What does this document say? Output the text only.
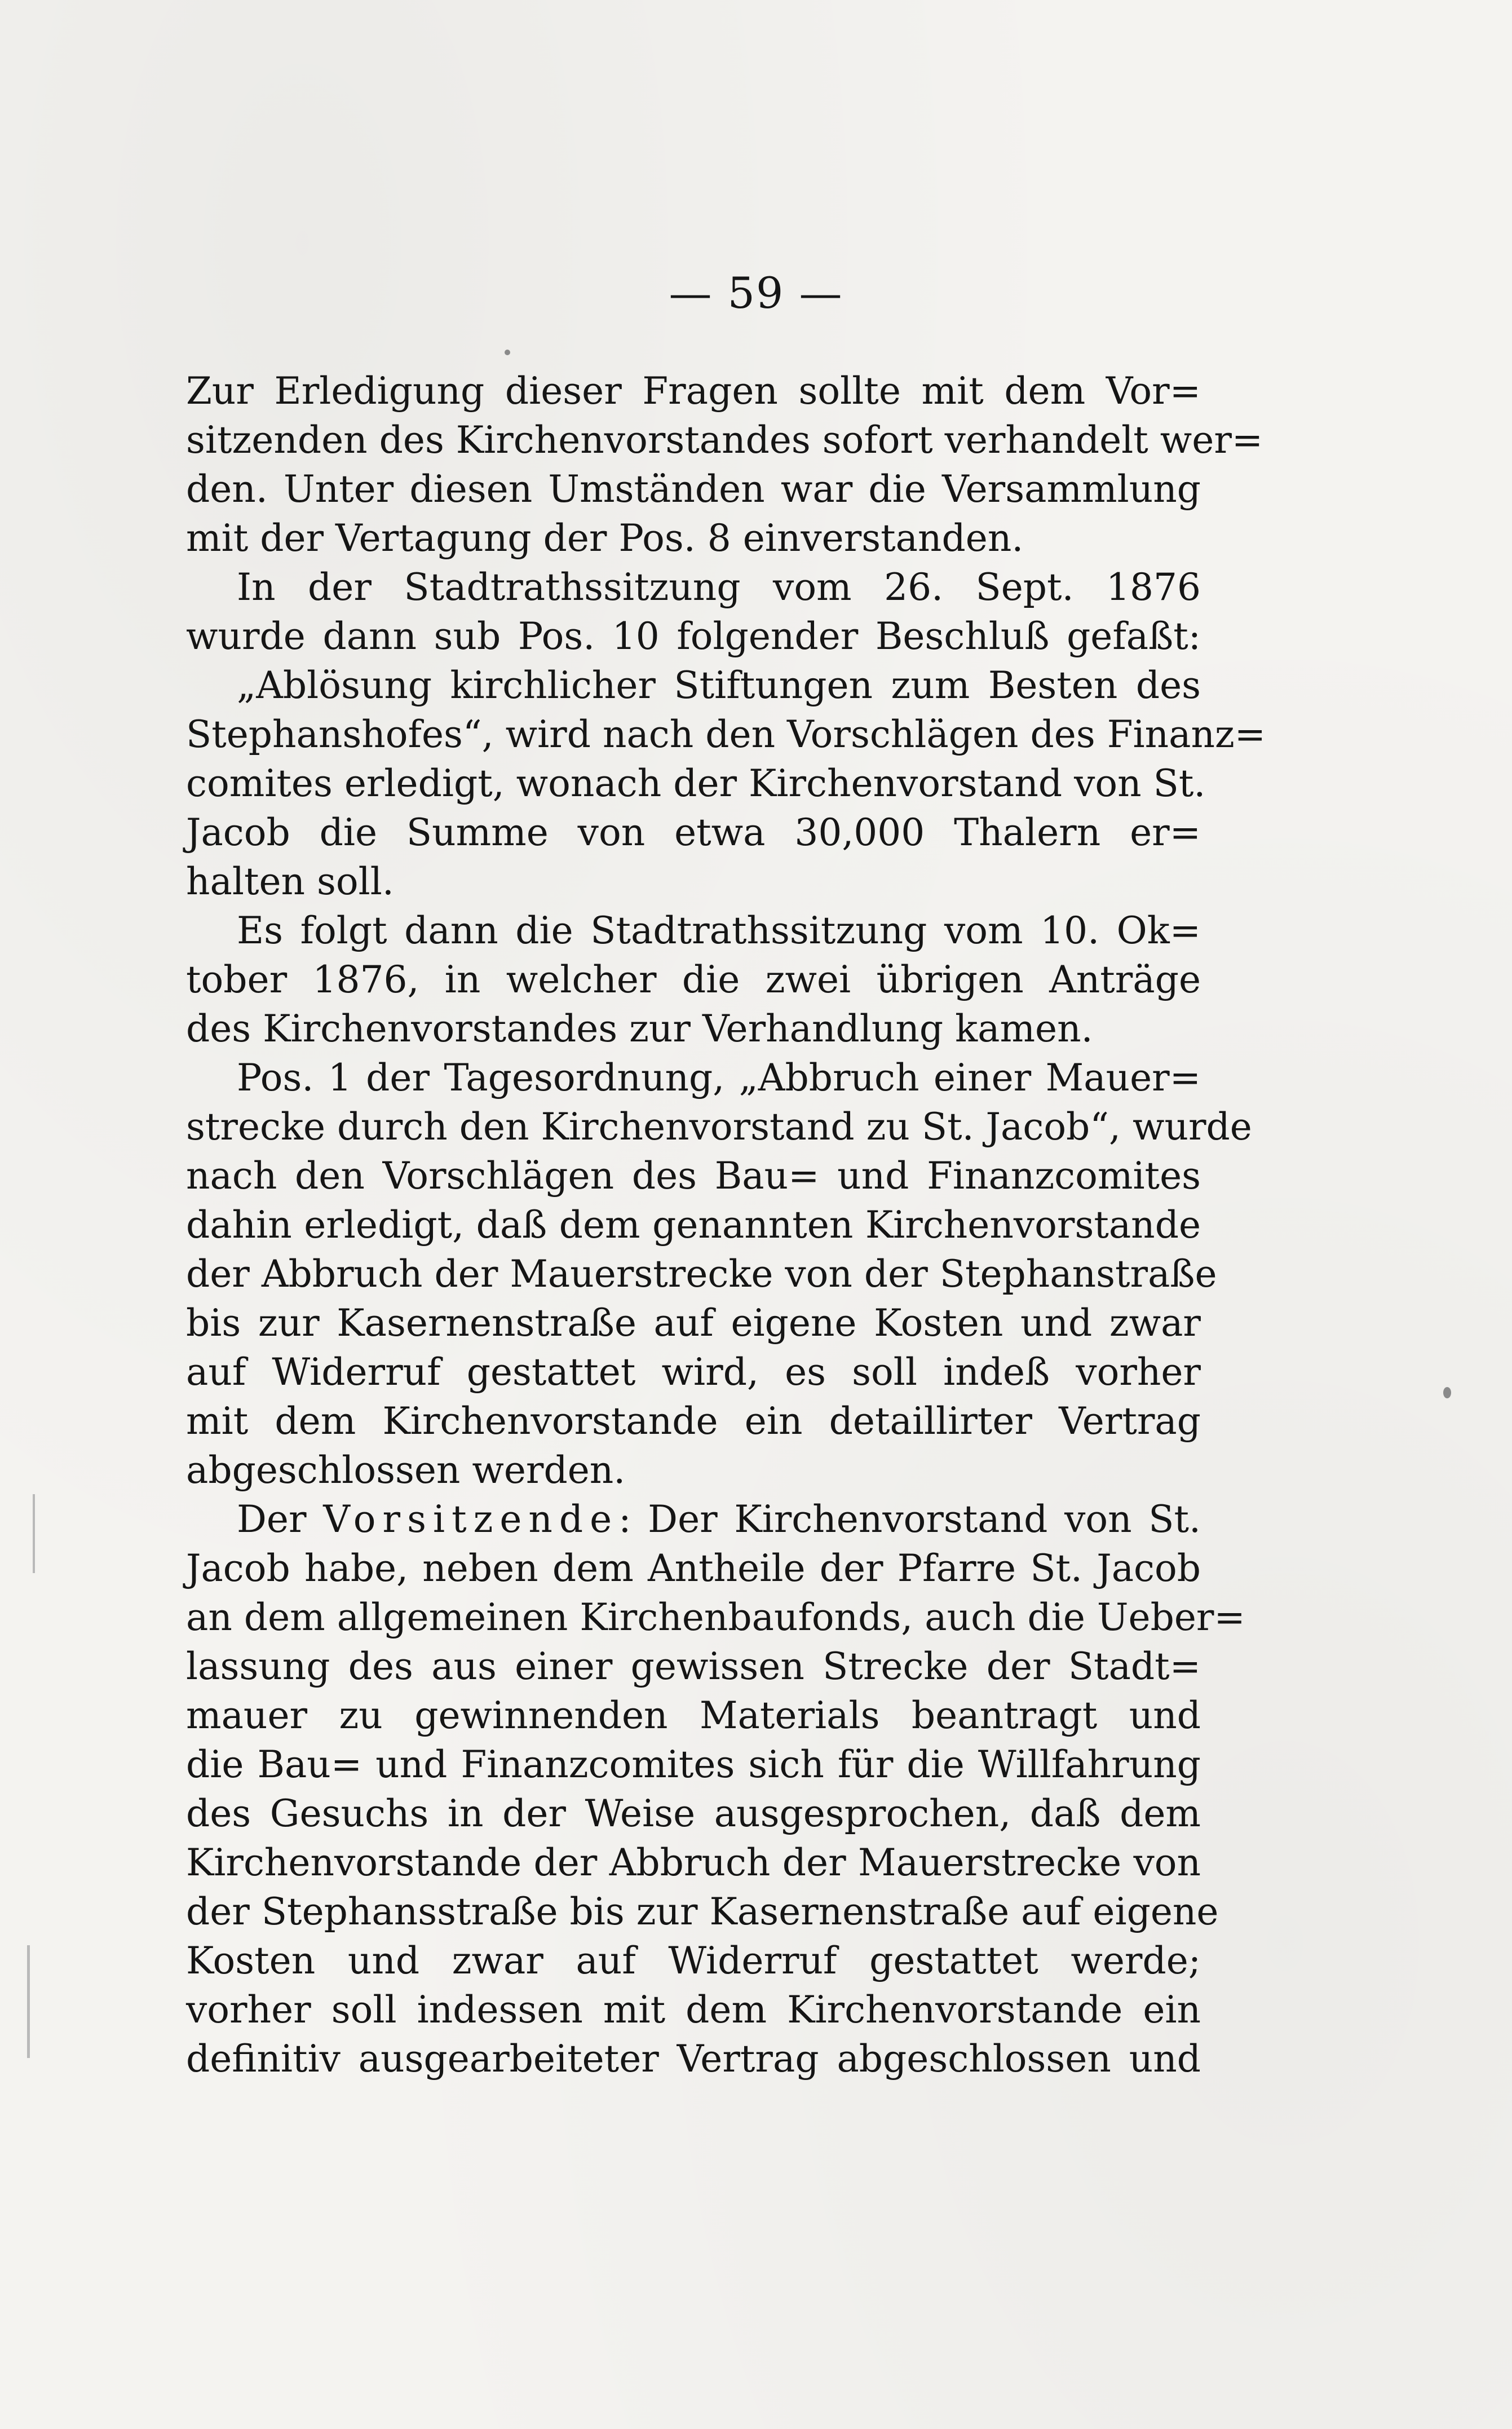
— 59 —
Zur Erledigung dieser Fragen sollte mit dem Vor=
sitzenden des Kirchenvorstandes sofort verhandelt wer=
den. Unter diesen Umständen war die Versammlung
mit der Vertagung der Pos. 8 einverstanden.
In der Stadtrathssitzung vom 26. Sept. 1876
wurde dann sub Pos. 10 folgender Beschluß gefaßt:
„Ablösung kirchlicher Stiftungen zum Besten des
Stephanshofes“, wird nach den Vorschlägen des Finanz=
comites erledigt, wonach der Kirchenvorstand von St.
Jacob die Summe von etwa 30,000 Thalern er=
halten soll.
Es folgt dann die Stadtrathssitzung vom 10. Ok=
tober 1876, in welcher die zwei übrigen Anträge
des Kirchenvorstandes zur Verhandlung kamen.
Pos. 1 der Tagesordnung, „Abbruch einer Mauer=
strecke durch den Kirchenvorstand zu St. Jacob“, wurde
nach den Vorschlägen des Bau= und Finanzcomites
dahin erledigt, daß dem genannten Kirchenvorstande
der Abbruch der Mauerstrecke von der Stephanstraße
bis zur Kasernenstraße auf eigene Kosten und zwar
auf Widerruf gestattet wird, es soll indeß vorher
mit dem Kirchenvorstande ein detaillirter Vertrag
abgeschlossen werden.
Der Vorsitzende: Der Kirchenvorstand von St.
Jacob habe, neben dem Antheile der Pfarre St. Jacob
an dem allgemeinen Kirchenbaufonds, auch die Ueber=
lassung des aus einer gewissen Strecke der Stadt=
mauer zu gewinnenden Materials beantragt und
die Bau= und Finanzcomites sich für die Willfahrung
des Gesuchs in der Weise ausgesprochen, daß dem
Kirchenvorstande der Abbruch der Mauerstrecke von
der Stephansstraße bis zur Kasernenstraße auf eigene
Kosten und zwar auf Widerruf gestattet werde;
vorher soll indessen mit dem Kirchenvorstande ein
definitiv ausgearbeiteter Vertrag abgeschlossen und
